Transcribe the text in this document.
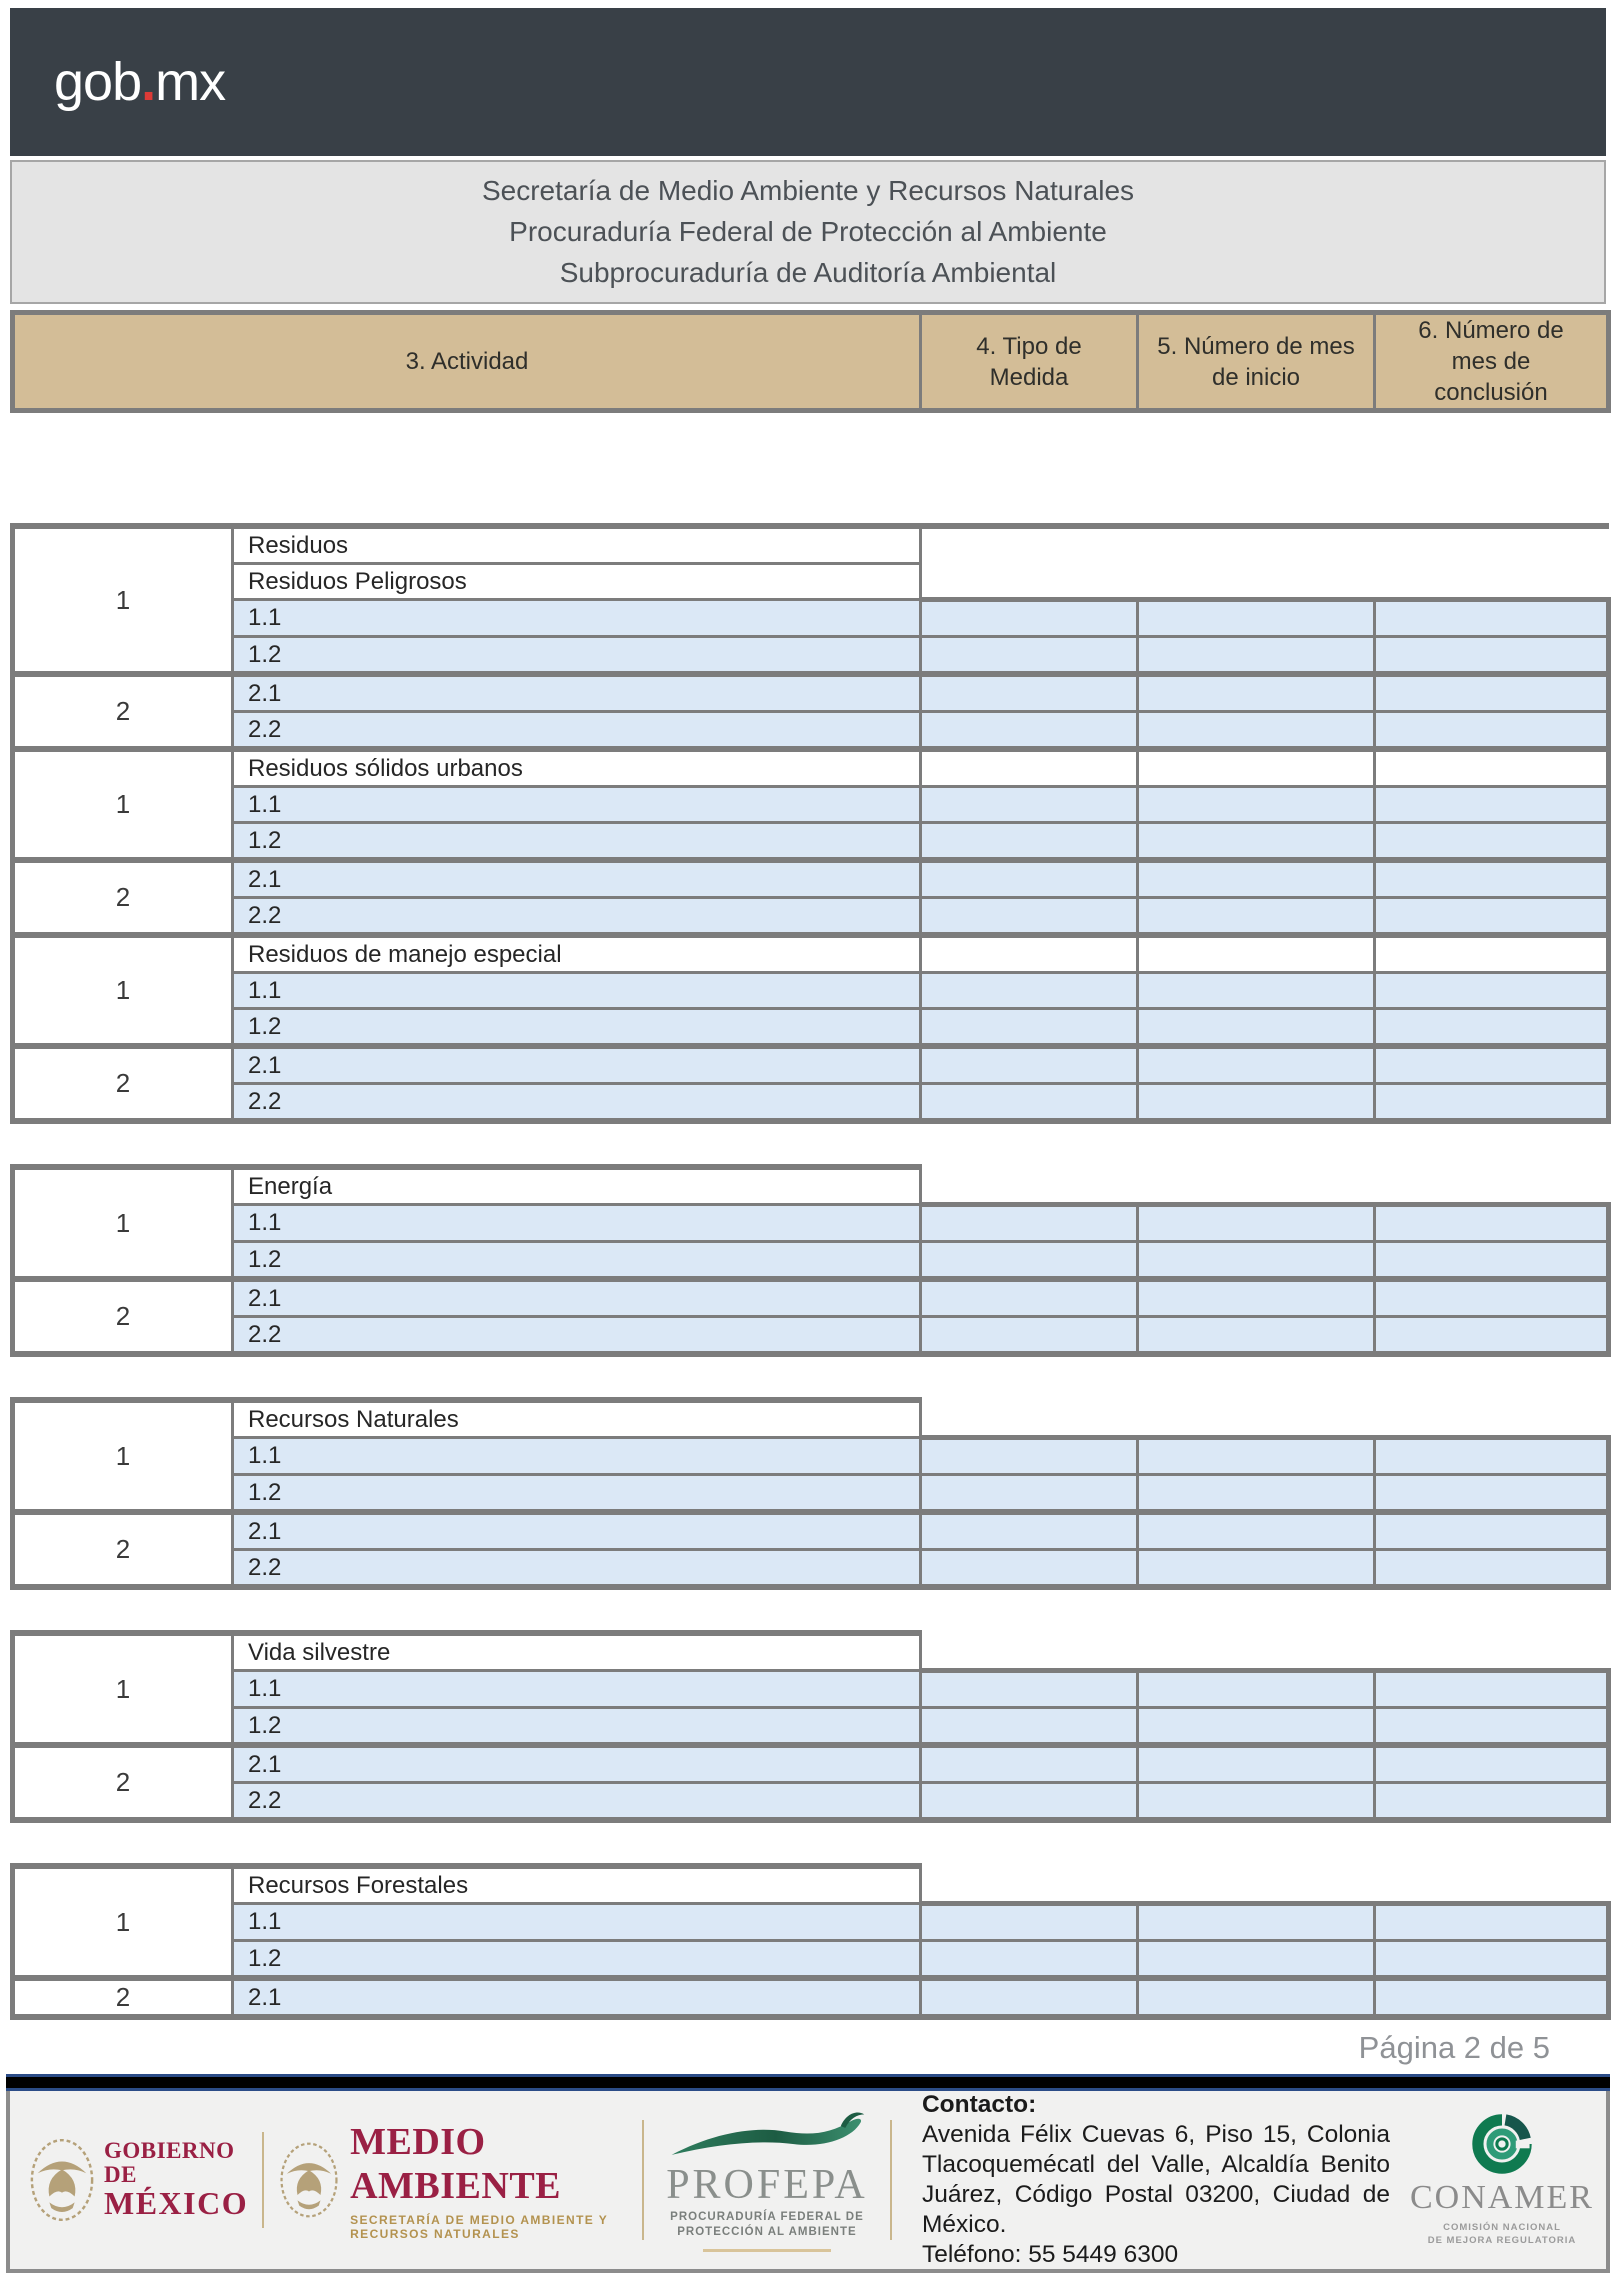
gob.mx
Secretaría de Medio Ambiente y Recursos Naturales
Procuraduría Federal de Protección al Ambiente
Subprocuraduría de Auditoría Ambiental
3. Actividad	4. Tipo de Medida	5. Número de mes de inicio	6. Número de mes de conclusión
1	Residuos			
	Residuos Peligrosos			
	1.1			
	1.2			
2	2.1			
	2.2			
1	Residuos sólidos urbanos			
	1.1			
	1.2			
2	2.1			
	2.2			
1	Residuos de manejo especial			
	1.1			
	1.2			
2	2.1			
	2.2			
1	Energía			
	1.1			
	1.2			
2	2.1			
	2.2			
1	Recursos Naturales			
	1.1			
	1.2			
2	2.1			
	2.2			
1	Vida silvestre			
	1.1			
	1.2			
2	2.1			
	2.2			
1	Recursos Forestales			
	1.1			
	1.2			
2	2.1			
Página 2 de 5
GOBIERNO DE
MÉXICO
MEDIO AMBIENTE
SECRETARÍA DE MEDIO AMBIENTE Y RECURSOS NATURALES
PROFEPA
PROCURADURÍA FEDERAL DE
PROTECCIÓN AL AMBIENTE
Contacto:
Avenida Félix Cuevas 6, Piso 15, Colonia Tlacoquemécatl del Valle, Alcaldía Benito Juárez, Código Postal 03200, Ciudad de México.
Teléfono: 55 5449 6300
CONAMER
COMISIÓN NACIONAL
DE MEJORA REGULATORIA
